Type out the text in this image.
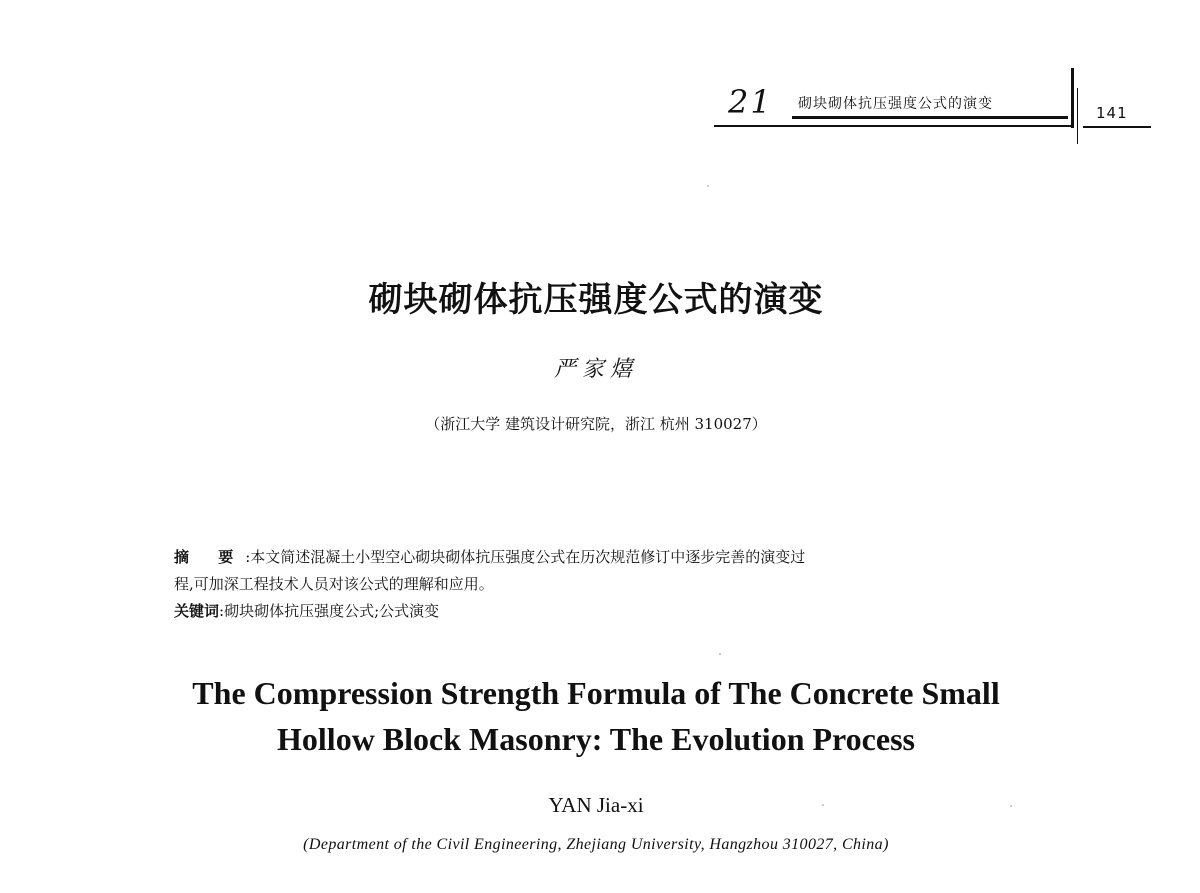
21 砌块砌体抗压强度公式的演变	141
砌块砌体抗压强度公式的演变
严家熺
（浙江大学 建筑设计研究院，浙江 杭州 310027）
摘 要:本文简述混凝土小型空心砌块砌体抗压强度公式在历次规范修订中逐步完善的演变过
程,可加深工程技术人员对该公式的理解和应用。
关键词:砌块砌体抗压强度公式;公式演变
The Compression Strength Formula of The Concrete Small
Hollow Block Masonry: The Evolution Process
YAN Jia-xi
(Department of the Civil Engineering, Zhejiang University, Hangzhou 310027, China)
